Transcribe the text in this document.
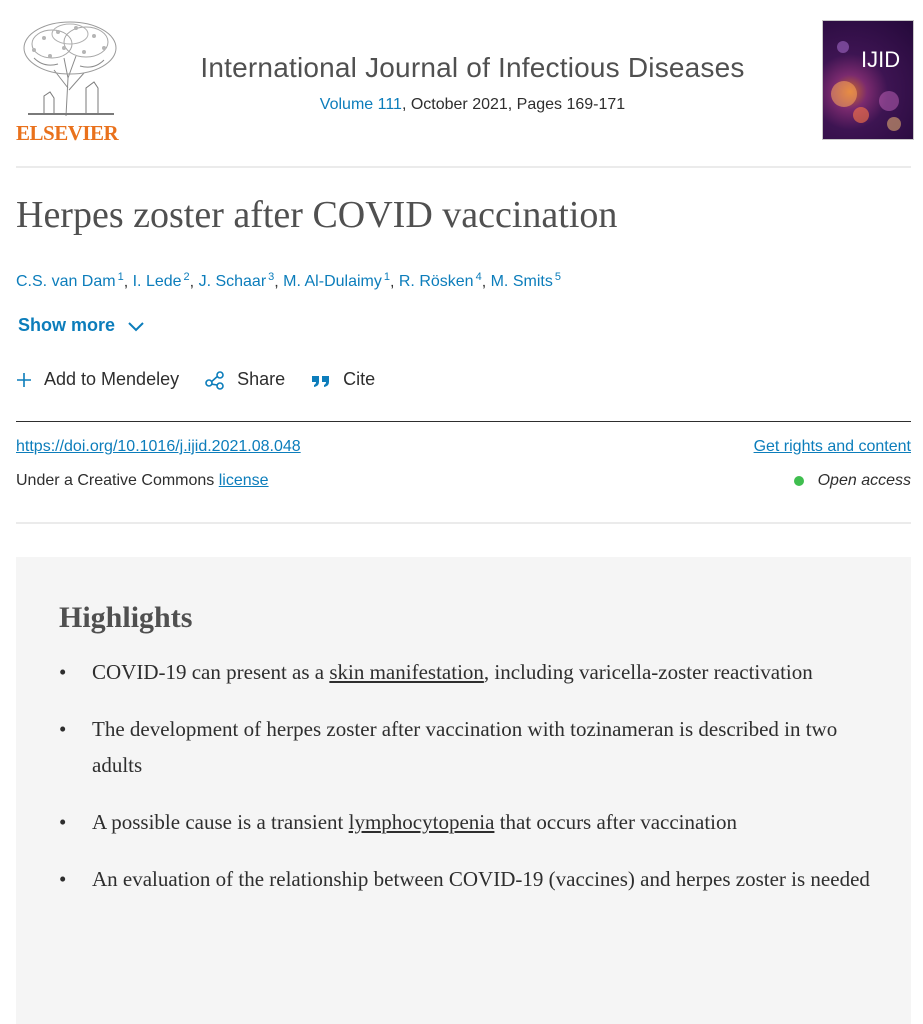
ELSEVIER
International Journal of Infectious Diseases
Volume 111, October 2021, Pages 169-171
IJID
Herpes zoster after COVID vaccination
C.S. van Dam $^1$, I. Lede $^2$, J. Schaar $^3$, M. Al-Dulaimy $^1$, R. Rösken $^4$, M. Smits $^5$
Show more
Add to Mendeley	Share	Cite
https://doi.org/10.1016/j.ijid.2021.08.048	Get rights and content
Under a Creative Commons license	Open access
Highlights
• COVID-19 can present as a skin manifestation, including varicella-zoster reactivation
• The development of herpes zoster after vaccination with tozinameran is described in two adults
• A possible cause is a transient lymphocytopenia that occurs after vaccination
• An evaluation of the relationship between COVID-19 (vaccines) and herpes zoster is needed
